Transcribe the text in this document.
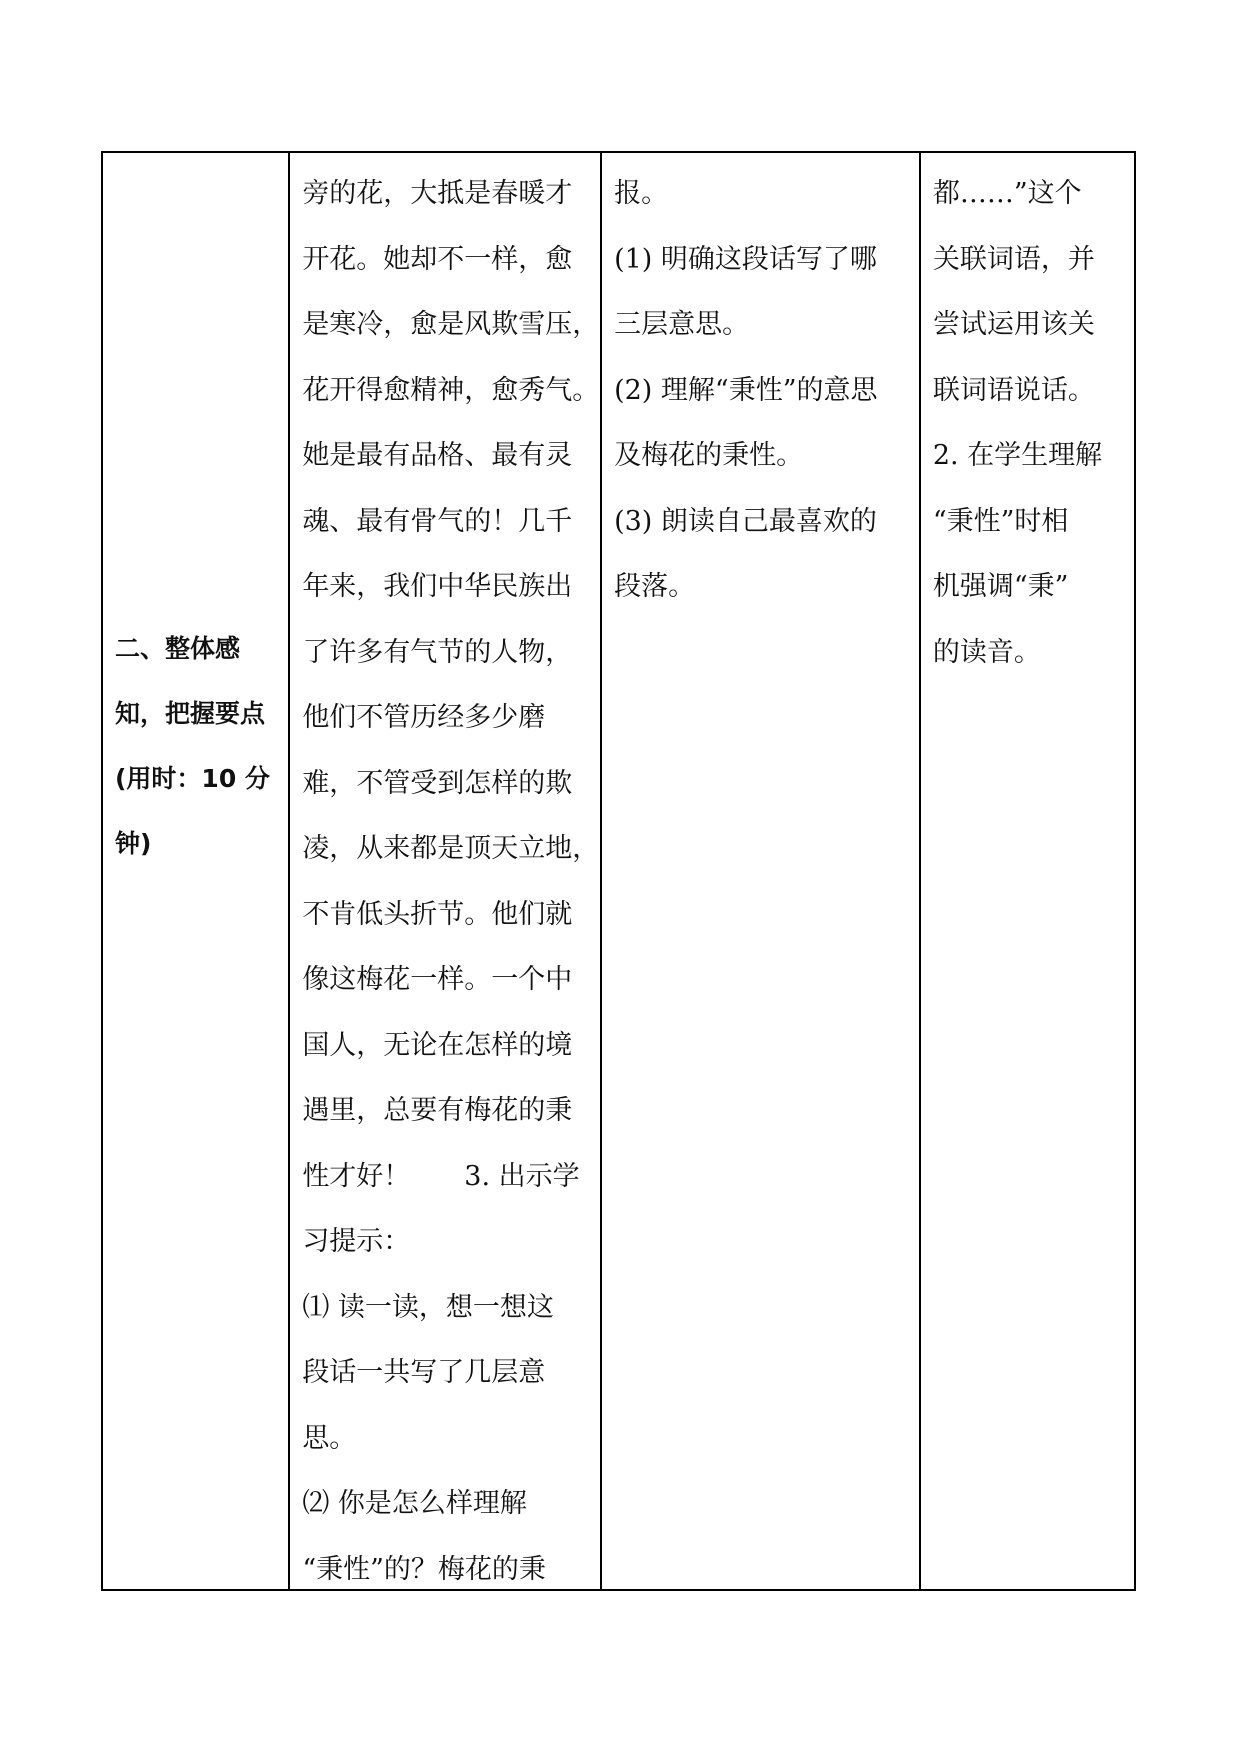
二、整体感知，把握要点(用时：10 分钟)

旁的花，大抵是春暖才

开花。她却不一样，愈

是寒冷，愈是风欺雪压，

花开得愈精神，愈秀气。

她是最有品格、最有灵

魂、最有骨气的！几千

年来，我们中华民族出

了许多有气节的人物，

他们不管历经多少磨

难，不管受到怎样的欺

凌，从来都是顶天立地，

不肯低头折节。他们就

像这梅花一样。一个中

国人，无论在怎样的境

遇里，总要有梅花的秉

性才好！　　3. 出示学

习提示：

⑴ 读一读，想一想这

段话一共写了几层意

思。

⑵ 你是怎么样理解

“秉性”的？梅花的秉

报。

(1) 明确这段话写了哪

三层意思。

(2) 理解“秉性”的意思

及梅花的秉性。

(3) 朗读自己最喜欢的

段落。

都……”这个

关联词语，并

尝试运用该关

联词语说话。

2. 在学生理解

“秉性”时相

机强调“秉”

的读音。
